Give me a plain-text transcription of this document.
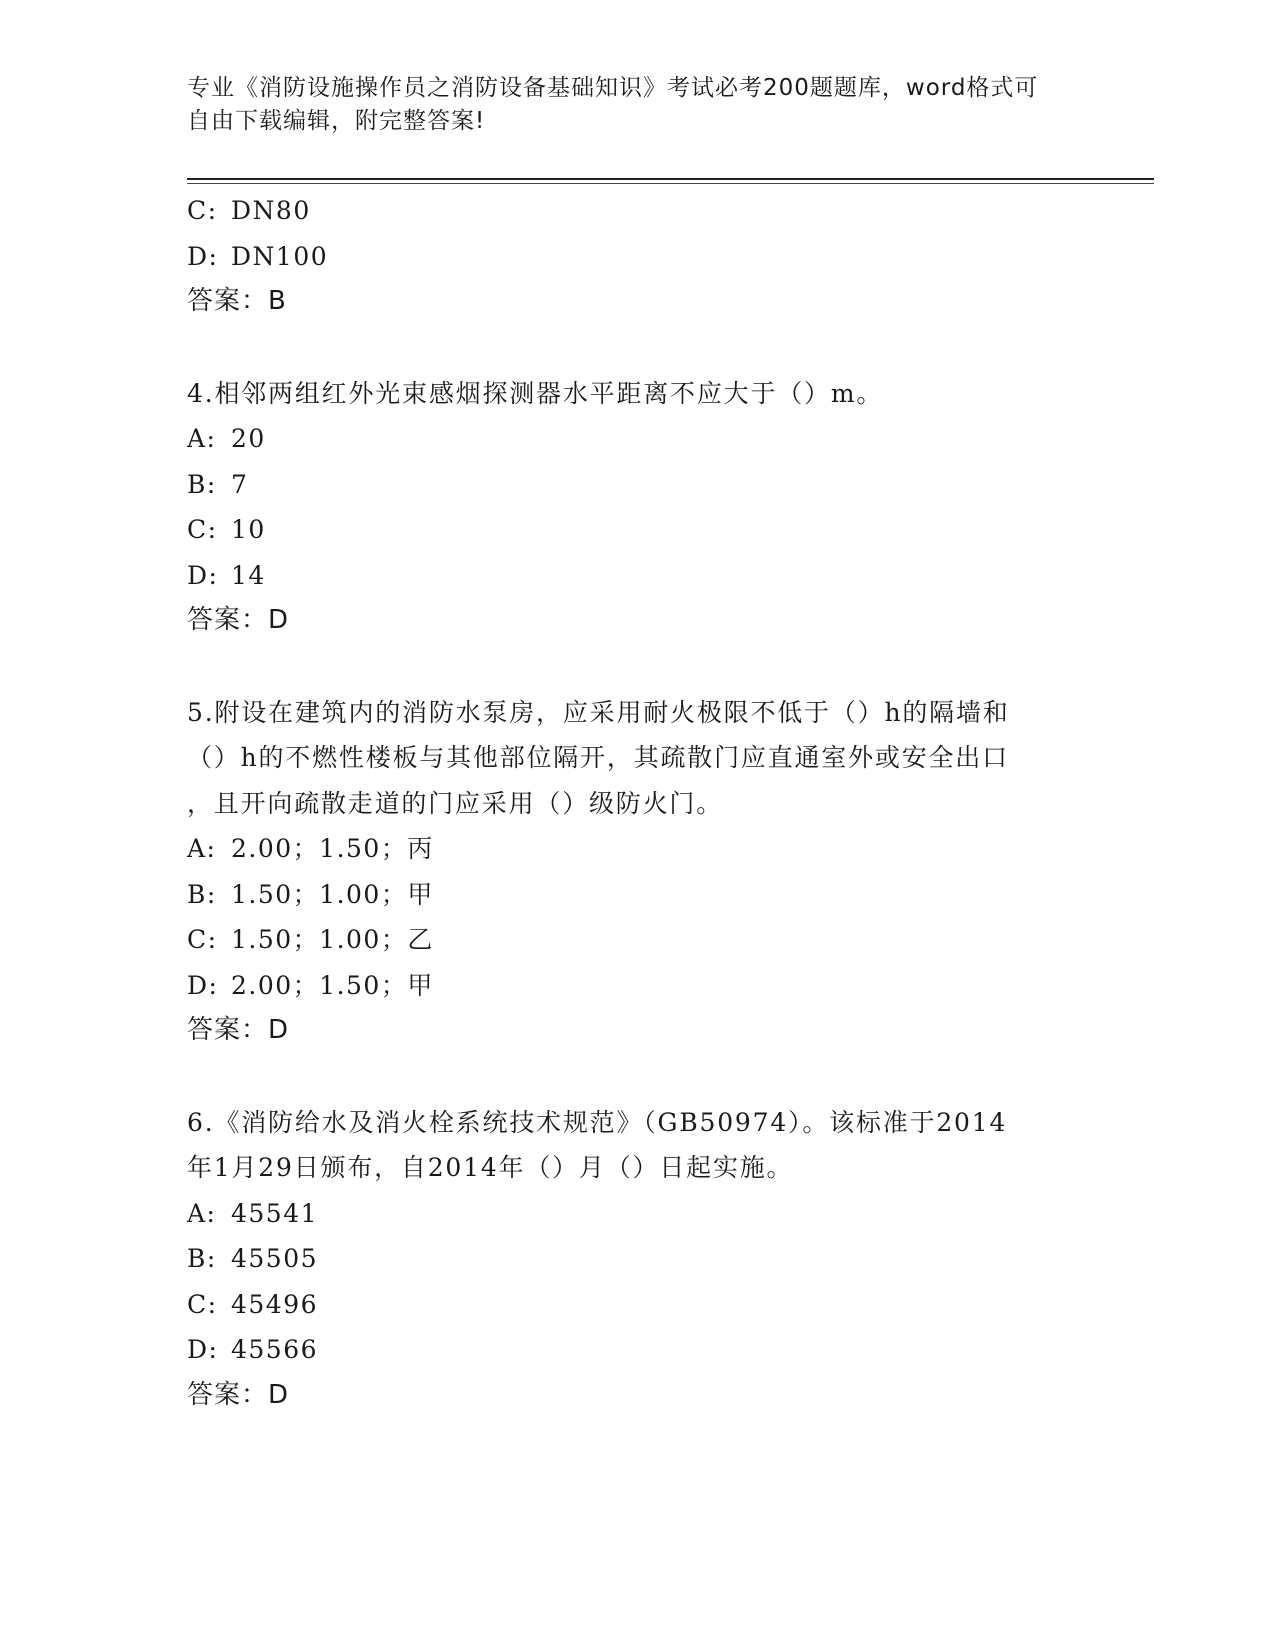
专业《消防设施操作员之消防设备基础知识》考试必考200题题库，word格式可
自由下载编辑，附完整答案!
C: DN80
D: DN100
答案：B
4.相邻两组红外光束感烟探测器水平距离不应大于（）m。
A: 20
B: 7
C: 10
D: 14
答案：D
5.附设在建筑内的消防水泵房，应采用耐火极限不低于（）h的隔墙和
（）h的不燃性楼板与其他部位隔开，其疏散门应直通室外或安全出口
，且开向疏散走道的门应采用（）级防火门。
A: 2.00；1.50；丙
B: 1.50；1.00；甲
C: 1.50；1.00；乙
D: 2.00；1.50；甲
答案：D
6.《消防给水及消火栓系统技术规范》（GB50974）。该标准于2014
年1月29日颁布，自2014年（）月（）日起实施。
A: 45541
B: 45505
C: 45496
D: 45566
答案：D
